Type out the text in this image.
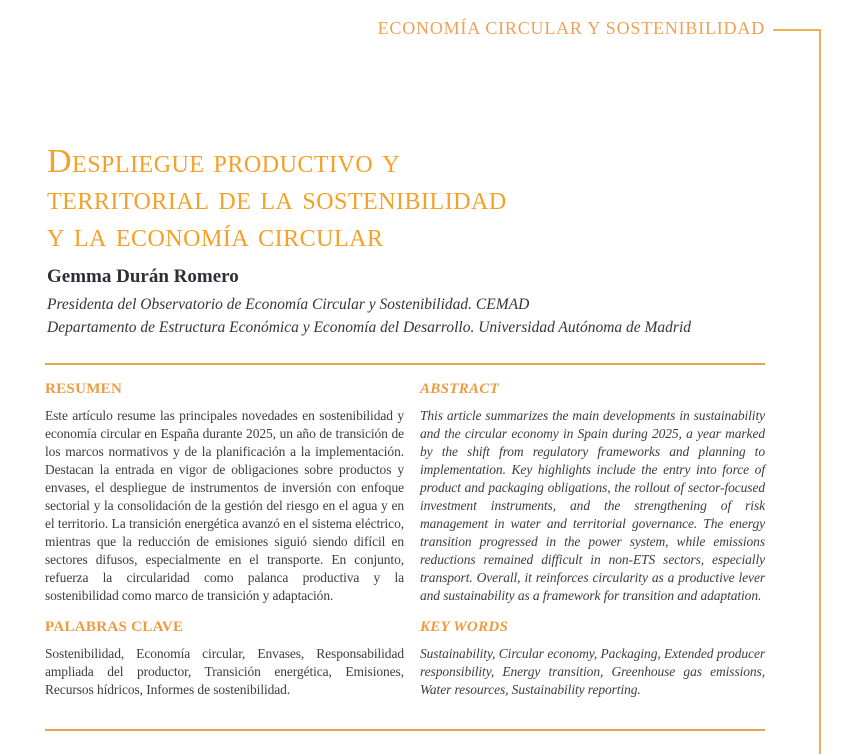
ECONOMÍA CIRCULAR Y SOSTENIBILIDAD
Despliegue productivo y
territorial de la sostenibilidad
y la economía circular
Gemma Durán Romero
Presidenta del Observatorio de Economía Circular y Sostenibilidad. CEMAD
Departamento de Estructura Económica y Economía del Desarrollo. Universidad Autónoma de Madrid
RESUMEN

Este artículo resume las principales novedades en sostenibilidad y economía circular en España durante 2025, un año de transición de los marcos normativos y de la planificación a la implementación. Destacan la entrada en vigor de obligaciones sobre productos y envases, el despliegue de instrumentos de inversión con enfoque sectorial y la consolidación de la gestión del riesgo en el agua y en el territorio. La transición energética avanzó en el sistema eléctrico, mientras que la reducción de emisiones siguió siendo difícil en sectores difusos, especialmente en el transporte. En conjunto, refuerza la circularidad como palanca productiva y la sostenibilidad como marco de transición y adaptación.

PALABRAS CLAVE

Sostenibilidad, Economía circular, Envases, Responsabilidad ampliada del productor, Transición energética, Emisiones, Recursos hídricos, Informes de sostenibilidad.

ABSTRACT

This article summarizes the main developments in sustainability and the circular economy in Spain during 2025, a year marked by the shift from regulatory frameworks and planning to implementation. Key highlights include the entry into force of product and packaging obligations, the rollout of sector-focused investment instruments, and the strengthening of risk management in water and territorial governance. The energy transition progressed in the power system, while emissions reductions remained difficult in non-ETS sectors, especially transport. Overall, it reinforces circularity as a productive lever and sustainability as a framework for transition and adaptation.

KEY WORDS

Sustainability, Circular economy, Packaging, Extended producer responsibility, Energy transition, Greenhouse gas emissions, Water resources, Sustainability reporting.
